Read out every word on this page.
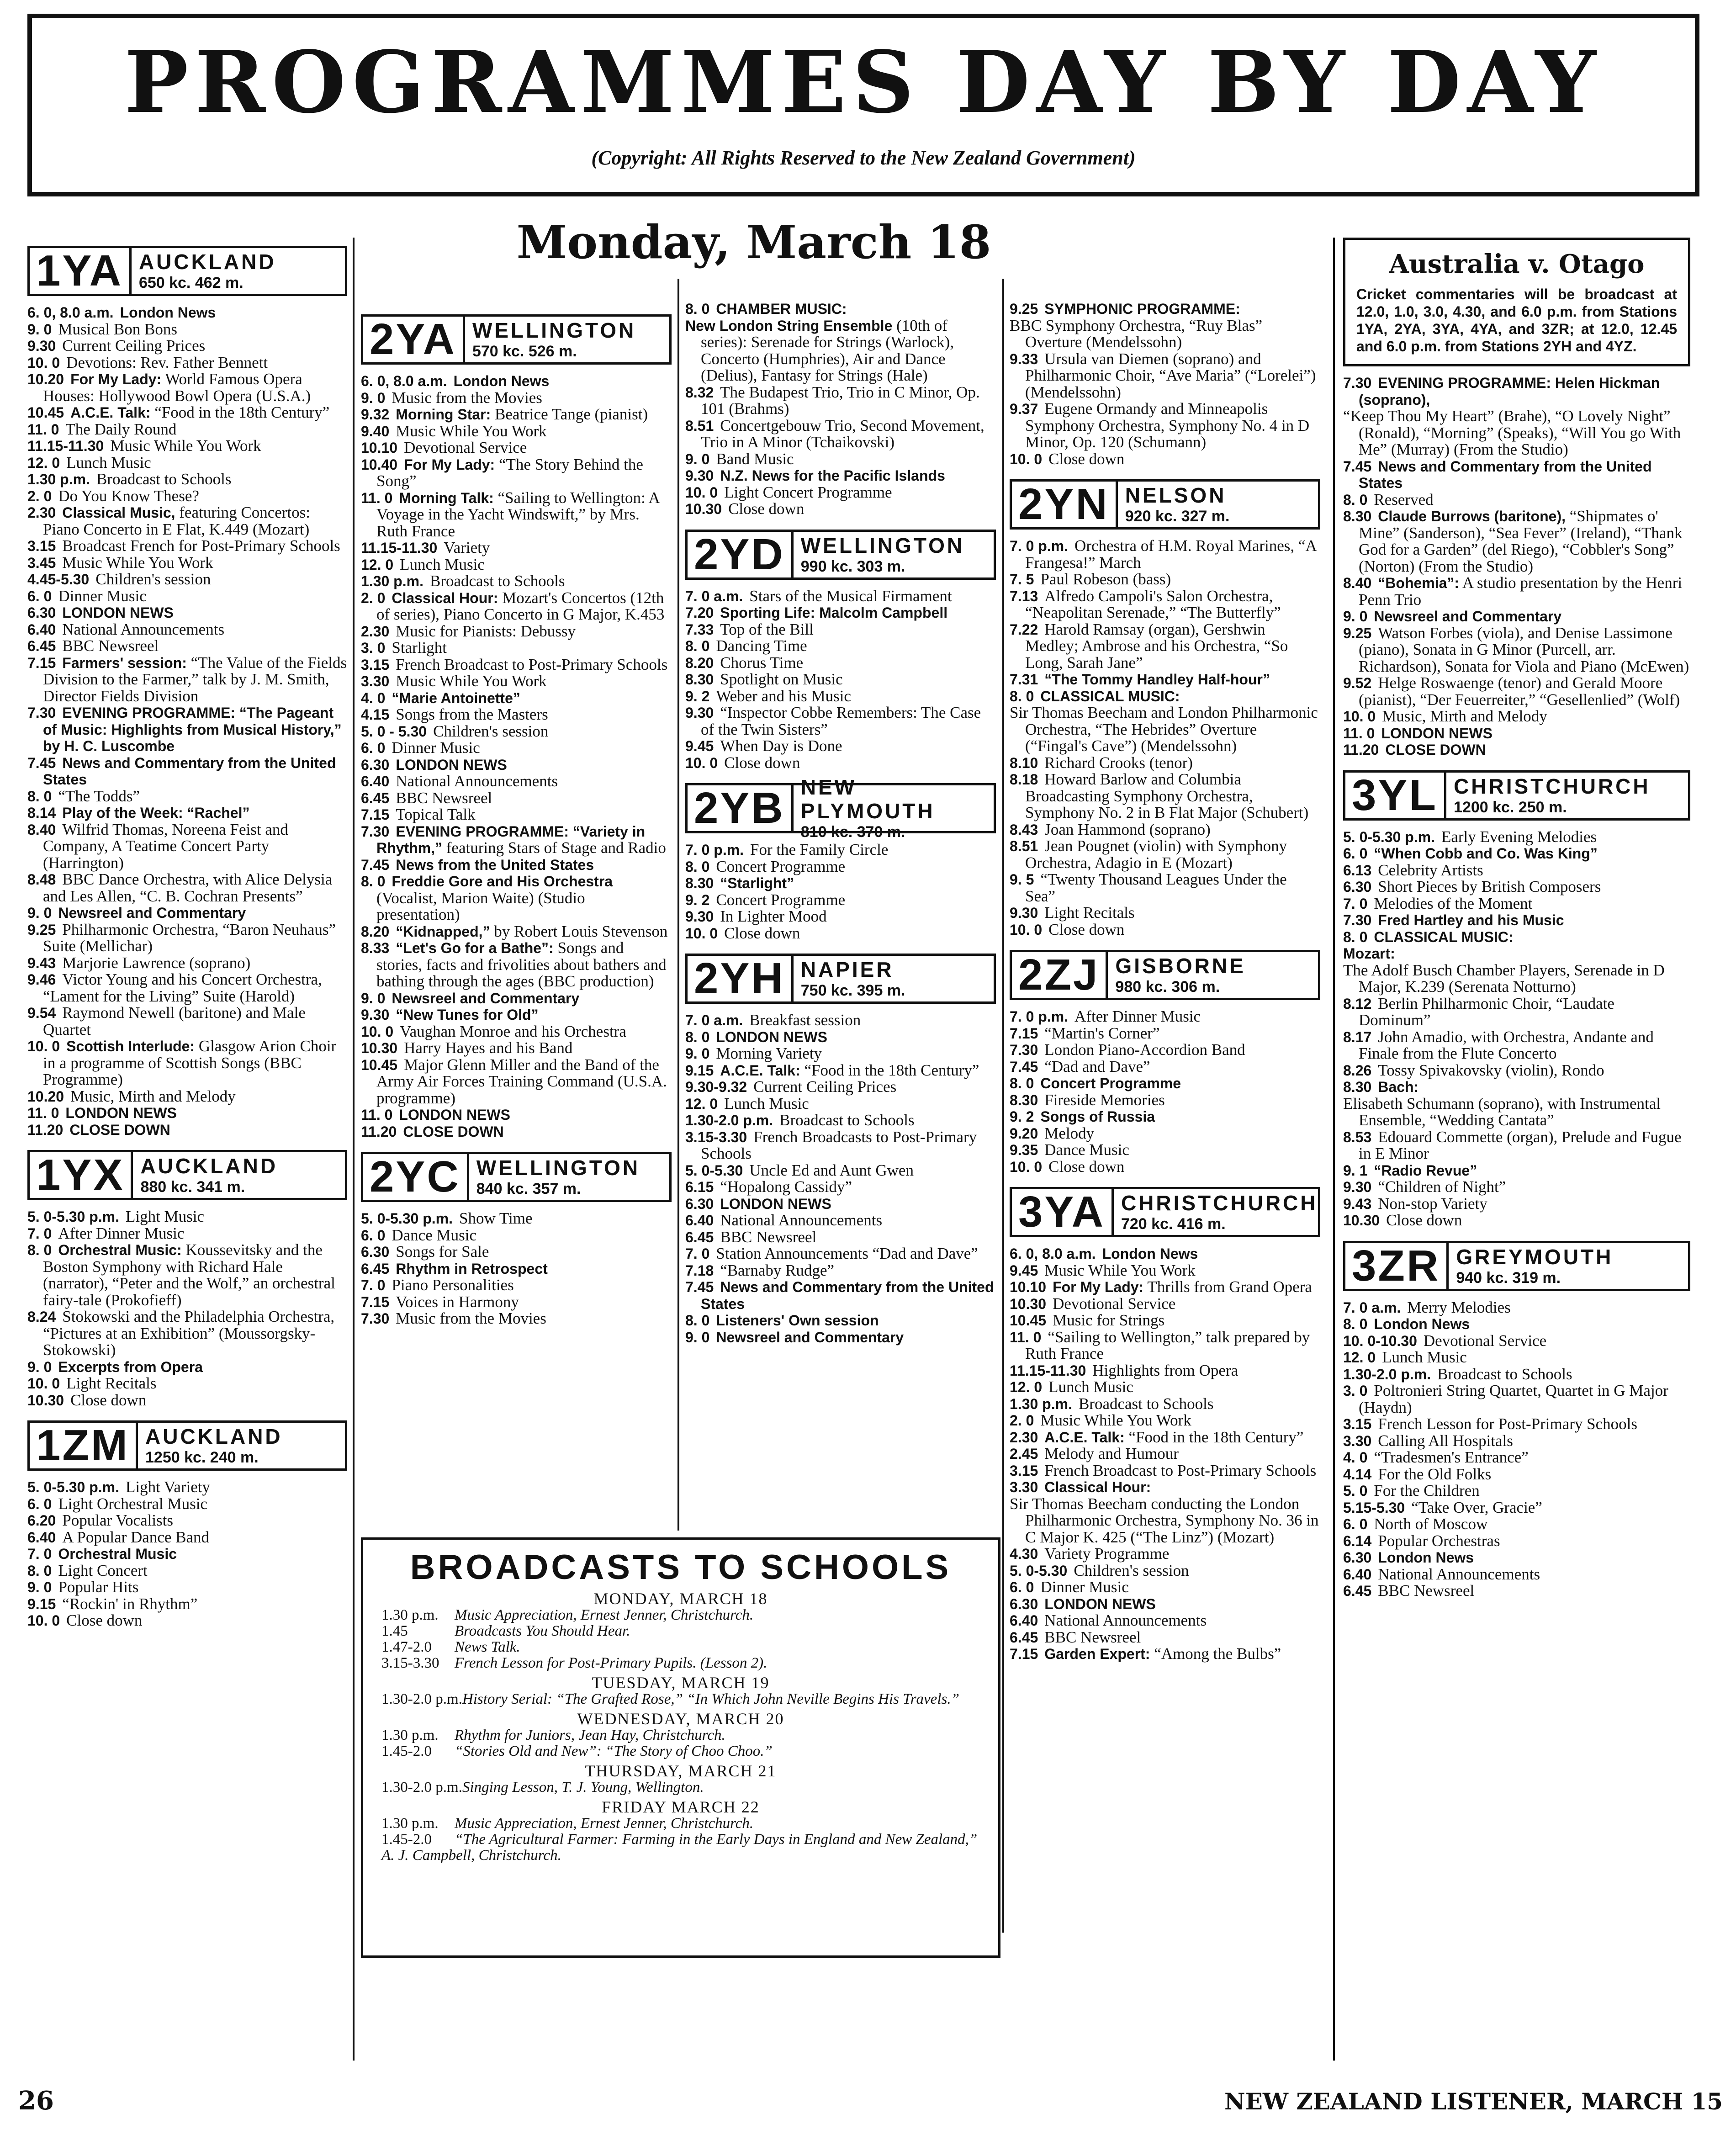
PROGRAMMES DAY BY DAY
(Copyright: All Rights Reserved to the New Zealand Government)
Monday, March 18
1YA AUCKLAND
650 kc. 462 m.
6. 0, 8.0 a.m. London News
9. 0 Musical Bon Bons
9.30 Current Ceiling Prices
10. 0 Devotions: Rev. Father Bennett
10.20 For My Lady: World Famous Opera Houses: Hollywood Bowl Opera (U.S.A.)
10.45 A.C.E. Talk: “Food in the 18th Century”
11. 0 The Daily Round
11.15-11.30 Music While You Work
12. 0 Lunch Music
1.30 p.m. Broadcast to Schools
2. 0 Do You Know These?
2.30 Classical Music, featuring Concertos: Piano Concerto in E Flat, K.449 (Mozart)
3.15 Broadcast French for Post-Primary Schools
3.45 Music While You Work
4.45-5.30 Children's session
6. 0 Dinner Music
6.30 LONDON NEWS
6.40 National Announcements
6.45 BBC Newsreel
7.15 Farmers' session: “The Value of the Fields Division to the Farmer,” talk by J. M. Smith, Director Fields Division
7.30 EVENING PROGRAMME: “The Pageant of Music: Highlights from Musical History,” by H. C. Luscombe
7.45 News and Commentary from the United States
8. 0 “The Todds”
8.14 Play of the Week: “Rachel”
8.40 Wilfrid Thomas, Noreena Feist and Company, A Teatime Concert Party (Harrington)
8.48 BBC Dance Orchestra, with Alice Delysia and Les Allen, “C. B. Cochran Presents”
9. 0 Newsreel and Commentary
9.25 Philharmonic Orchestra, “Baron Neuhaus” Suite (Mellichar)
9.43 Marjorie Lawrence (soprano)
9.46 Victor Young and his Concert Orchestra, “Lament for the Living” Suite (Harold)
9.54 Raymond Newell (baritone) and Male Quartet
10. 0 Scottish Interlude: Glasgow Arion Choir in a programme of Scottish Songs (BBC Programme)
10.20 Music, Mirth and Melody
11. 0 LONDON NEWS
11.20 CLOSE DOWN
1YX AUCKLAND
880 kc. 341 m.
5. 0-5.30 p.m. Light Music
7. 0 After Dinner Music
8. 0 Orchestral Music: Koussevitsky and the Boston Symphony with Richard Hale (narrator), “Peter and the Wolf,” an orchestral fairy-tale (Prokofieff)
8.24 Stokowski and the Philadelphia Orchestra, “Pictures at an Exhibition” (Moussorgsky-Stokowski)
9. 0 Excerpts from Opera
10. 0 Light Recitals
10.30 Close down
1ZM AUCKLAND
1250 kc. 240 m.
5. 0-5.30 p.m. Light Variety
6. 0 Light Orchestral Music
6.20 Popular Vocalists
6.40 A Popular Dance Band
7. 0 Orchestral Music
8. 0 Light Concert
9. 0 Popular Hits
9.15 “Rockin' in Rhythm”
10. 0 Close down
2YA WELLINGTON
570 kc. 526 m.
6. 0, 8.0 a.m. London News
9. 0 Music from the Movies
9.32 Morning Star: Beatrice Tange (pianist)
9.40 Music While You Work
10.10 Devotional Service
10.40 For My Lady: “The Story Behind the Song”
11. 0 Morning Talk: “Sailing to Wellington: A Voyage in the Yacht Windswift,” by Mrs. Ruth France
11.15-11.30 Variety
12. 0 Lunch Music
1.30 p.m. Broadcast to Schools
2. 0 Classical Hour: Mozart's Concertos (12th of series), Piano Concerto in G Major, K.453
2.30 Music for Pianists: Debussy
3. 0 Starlight
3.15 French Broadcast to Post-Primary Schools
3.30 Music While You Work
4. 0 “Marie Antoinette”
4.15 Songs from the Masters
5. 0 - 5.30 Children's session
6. 0 Dinner Music
6.30 LONDON NEWS
6.40 National Announcements
6.45 BBC Newsreel
7.15 Topical Talk
7.30 EVENING PROGRAMME: “Variety in Rhythm,” featuring Stars of Stage and Radio
7.45 News from the United States
8. 0 Freddie Gore and His Orchestra (Vocalist, Marion Waite) (Studio presentation)
8.20 “Kidnapped,” by Robert Louis Stevenson
8.33 “Let's Go for a Bathe”: Songs and stories, facts and frivolities about bathers and bathing through the ages (BBC production)
9. 0 Newsreel and Commentary
9.30 “New Tunes for Old”
10. 0 Vaughan Monroe and his Orchestra
10.30 Harry Hayes and his Band
10.45 Major Glenn Miller and the Band of the Army Air Forces Training Command (U.S.A. programme)
11. 0 LONDON NEWS
11.20 CLOSE DOWN
2YC WELLINGTON
840 kc. 357 m.
5. 0-5.30 p.m. Show Time
6. 0 Dance Music
6.30 Songs for Sale
6.45 Rhythm in Retrospect
7. 0 Piano Personalities
7.15 Voices in Harmony
7.30 Music from the Movies
8. 0 CHAMBER MUSIC:
New London String Ensemble (10th of series): Serenade for Strings (Warlock), Concerto (Humphries), Air and Dance (Delius), Fantasy for Strings (Hale)
8.32 The Budapest Trio, Trio in C Minor, Op. 101 (Brahms)
8.51 Concertgebouw Trio, Second Movement, Trio in A Minor (Tchaikovski)
9. 0 Band Music
9.30 N.Z. News for the Pacific Islands
10. 0 Light Concert Programme
10.30 Close down
2YD WELLINGTON
990 kc. 303 m.
7. 0 a.m. Stars of the Musical Firmament
7.20 Sporting Life: Malcolm Campbell
7.33 Top of the Bill
8. 0 Dancing Time
8.20 Chorus Time
8.30 Spotlight on Music
9. 2 Weber and his Music
9.30 “Inspector Cobbe Remembers: The Case of the Twin Sisters”
9.45 When Day is Done
10. 0 Close down
2YB NEW PLYMOUTH
810 kc. 370 m.
7. 0 p.m. For the Family Circle
8. 0 Concert Programme
8.30 “Starlight”
9. 2 Concert Programme
9.30 In Lighter Mood
10. 0 Close down
2YH NAPIER
750 kc. 395 m.
7. 0 a.m. Breakfast session
8. 0 LONDON NEWS
9. 0 Morning Variety
9.15 A.C.E. Talk: “Food in the 18th Century”
9.30-9.32 Current Ceiling Prices
12. 0 Lunch Music
1.30-2.0 p.m. Broadcast to Schools
3.15-3.30 French Broadcasts to Post-Primary Schools
5. 0-5.30 Uncle Ed and Aunt Gwen
6.15 “Hopalong Cassidy”
6.30 LONDON NEWS
6.40 National Announcements
6.45 BBC Newsreel
7. 0 Station Announcements “Dad and Dave”
7.18 “Barnaby Rudge”
7.45 News and Commentary from the United States
8. 0 Listeners' Own session
9. 0 Newsreel and Commentary
9.25 SYMPHONIC PROGRAMME:
BBC Symphony Orchestra, “Ruy Blas” Overture (Mendelssohn)
9.33 Ursula van Diemen (soprano) and Philharmonic Choir, “Ave Maria” (“Lorelei”) (Mendelssohn)
9.37 Eugene Ormandy and Minneapolis Symphony Orchestra, Symphony No. 4 in D Minor, Op. 120 (Schumann)
10. 0 Close down
2YN NELSON
920 kc. 327 m.
7. 0 p.m. Orchestra of H.M. Royal Marines, “A Frangesa!” March
7. 5 Paul Robeson (bass)
7.13 Alfredo Campoli's Salon Orchestra, “Neapolitan Serenade,” “The Butterfly”
7.22 Harold Ramsay (organ), Gershwin Medley; Ambrose and his Orchestra, “So Long, Sarah Jane”
7.31 “The Tommy Handley Half-hour”
8. 0 CLASSICAL MUSIC:
Sir Thomas Beecham and London Philharmonic Orchestra, “The Hebrides” Overture (“Fingal's Cave”) (Mendelssohn)
8.10 Richard Crooks (tenor)
8.18 Howard Barlow and Columbia Broadcasting Symphony Orchestra, Symphony No. 2 in B Flat Major (Schubert)
8.43 Joan Hammond (soprano)
8.51 Jean Pougnet (violin) with Symphony Orchestra, Adagio in E (Mozart)
9. 5 “Twenty Thousand Leagues Under the Sea”
9.30 Light Recitals
10. 0 Close down
2ZJ GISBORNE
980 kc. 306 m.
7. 0 p.m. After Dinner Music
7.15 “Martin's Corner”
7.30 London Piano-Accordion Band
7.45 “Dad and Dave”
8. 0 Concert Programme
8.30 Fireside Memories
9. 2 Songs of Russia
9.20 Melody
9.35 Dance Music
10. 0 Close down
3YA CHRISTCHURCH
720 kc. 416 m.
6. 0, 8.0 a.m. London News
9.45 Music While You Work
10.10 For My Lady: Thrills from Grand Opera
10.30 Devotional Service
10.45 Music for Strings
11. 0 “Sailing to Wellington,” talk prepared by Ruth France
11.15-11.30 Highlights from Opera
12. 0 Lunch Music
1.30 p.m. Broadcast to Schools
2. 0 Music While You Work
2.30 A.C.E. Talk: “Food in the 18th Century”
2.45 Melody and Humour
3.15 French Broadcast to Post-Primary Schools
3.30 Classical Hour:
Sir Thomas Beecham conducting the London Philharmonic Orchestra, Symphony No. 36 in C Major K. 425 (“The Linz”) (Mozart)
4.30 Variety Programme
5. 0-5.30 Children's session
6. 0 Dinner Music
6.30 LONDON NEWS
6.40 National Announcements
6.45 BBC Newsreel
7.15 Garden Expert: “Among the Bulbs”
Australia v. Otago
Cricket commentaries will be broadcast at 12.0, 1.0, 3.0, 4.30, and 6.0 p.m. from Stations 1YA, 2YA, 3YA, 4YA, and 3ZR; at 12.0, 12.45 and 6.0 p.m. from Stations 2YH and 4YZ.
7.30 EVENING PROGRAMME: Helen Hickman (soprano),
“Keep Thou My Heart” (Brahe), “O Lovely Night” (Ronald), “Morning” (Speaks), “Will You go With Me” (Murray) (From the Studio)
7.45 News and Commentary from the United States
8. 0 Reserved
8.30 Claude Burrows (baritone), “Shipmates o' Mine” (Sanderson), “Sea Fever” (Ireland), “Thank God for a Garden” (del Riego), “Cobbler's Song” (Norton) (From the Studio)
8.40 “Bohemia”: A studio presentation by the Henri Penn Trio
9. 0 Newsreel and Commentary
9.25 Watson Forbes (viola), and Denise Lassimone (piano), Sonata in G Minor (Purcell, arr. Richardson), Sonata for Viola and Piano (McEwen)
9.52 Helge Roswaenge (tenor) and Gerald Moore (pianist), “Der Feuerreiter,” “Gesellenlied” (Wolf)
10. 0 Music, Mirth and Melody
11. 0 LONDON NEWS
11.20 CLOSE DOWN
3YL CHRISTCHURCH
1200 kc. 250 m.
5. 0-5.30 p.m. Early Evening Melodies
6. 0 “When Cobb and Co. Was King”
6.13 Celebrity Artists
6.30 Short Pieces by British Composers
7. 0 Melodies of the Moment
7.30 Fred Hartley and his Music
8. 0 CLASSICAL MUSIC:
Mozart:
The Adolf Busch Chamber Players, Serenade in D Major, K.239 (Serenata Notturno)
8.12 Berlin Philharmonic Choir, “Laudate Dominum”
8.17 John Amadio, with Orchestra, Andante and Finale from the Flute Concerto
8.26 Tossy Spivakovsky (violin), Rondo
8.30 Bach:
Elisabeth Schumann (soprano), with Instrumental Ensemble, “Wedding Cantata”
8.53 Edouard Commette (organ), Prelude and Fugue in E Minor
9. 1 “Radio Revue”
9.30 “Children of Night”
9.43 Non-stop Variety
10.30 Close down
3ZR GREYMOUTH
940 kc. 319 m.
7. 0 a.m. Merry Melodies
8. 0 London News
10. 0-10.30 Devotional Service
12. 0 Lunch Music
1.30-2.0 p.m. Broadcast to Schools
3. 0 Poltronieri String Quartet, Quartet in G Major (Haydn)
3.15 French Lesson for Post-Primary Schools
3.30 Calling All Hospitals
4. 0 “Tradesmen's Entrance”
4.14 For the Old Folks
5. 0 For the Children
5.15-5.30 “Take Over, Gracie”
6. 0 North of Moscow
6.14 Popular Orchestras
6.30 London News
6.40 National Announcements
6.45 BBC Newsreel
BROADCASTS TO SCHOOLS
MONDAY, MARCH 18
1.30 p.m. Music Appreciation, Ernest Jenner, Christchurch.
1.45	Broadcasts You Should Hear.
1.47-2.0 News Talk.
3.15-3.30 French Lesson for Post-Primary Pupils. (Lesson 2).
TUESDAY, MARCH 19
1.30-2.0 p.m.History Serial: “The Grafted Rose,” “In Which John Neville Begins His Travels.”
WEDNESDAY, MARCH 20
1.30 p.m. Rhythm for Juniors, Jean Hay, Christchurch.
1.45-2.0 “Stories Old and New”: “The Story of Choo Choo.”
THURSDAY, MARCH 21
1.30-2.0 p.m.Singing Lesson, T. J. Young, Wellington.
FRIDAY MARCH 22
1.30 p.m. Music Appreciation, Ernest Jenner, Christchurch.
1.45-2.0 “The Agricultural Farmer: Farming in the Early Days in England and New Zealand,” A. J. Campbell, Christchurch.
26	NEW ZEALAND LISTENER, MARCH 15
